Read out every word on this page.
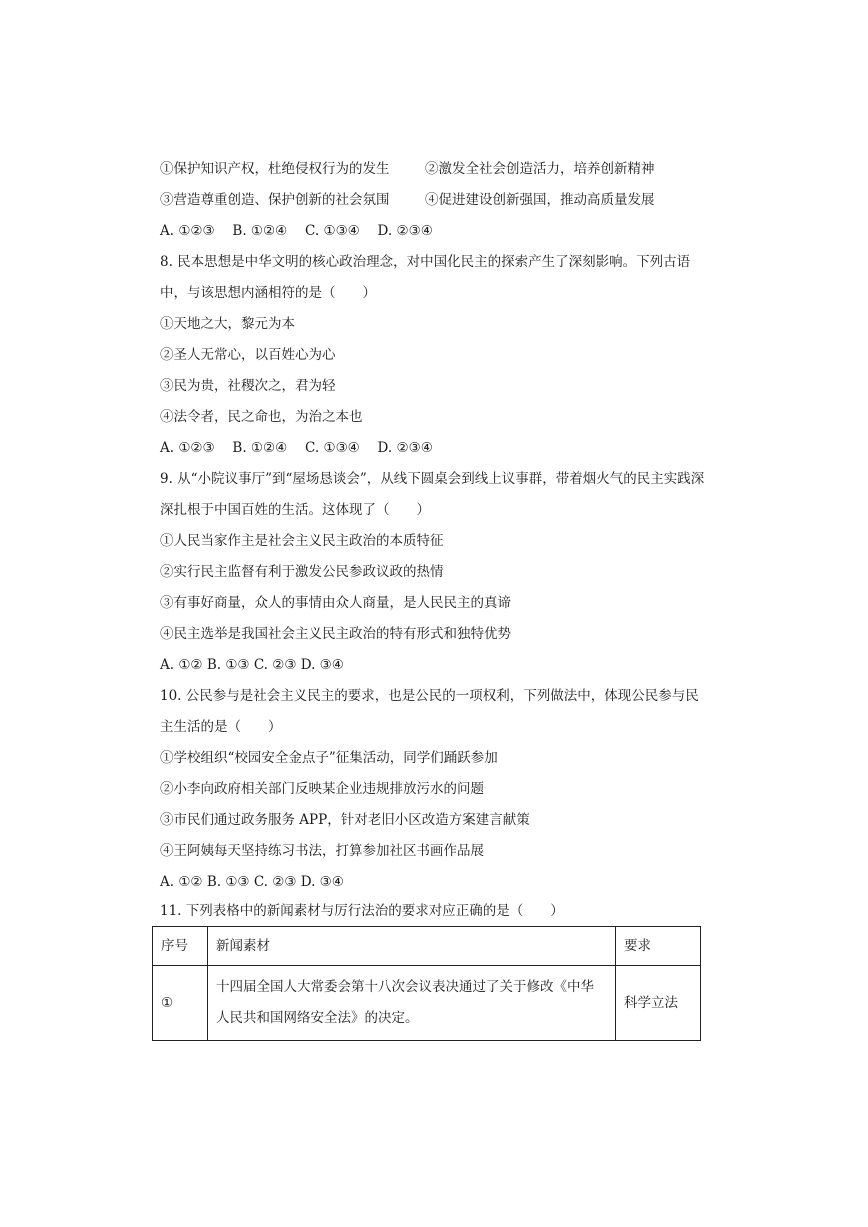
①保护知识产权，杜绝侵权行为的发生	②激发全社会创造活力，培养创新精神
③营造尊重创造、保护创新的社会氛围	④促进建设创新强国，推动高质量发展
A. ①②③　 B. ①②④　 C. ①③④　 D. ②③④
8. 民本思想是中华文明的核心政治理念，对中国化民主的探索产生了深刻影响。下列古语
中，与该思想内涵相符的是（　　）
①天地之大，黎元为本
②圣人无常心，以百姓心为心
③民为贵，社稷次之，君为轻
④法令者，民之命也，为治之本也
A. ①②③　 B. ①②④　 C. ①③④　 D. ②③④
9. 从“小院议事厅”到“屋场恳谈会”，从线下圆桌会到线上议事群，带着烟火气的民主实践深
深扎根于中国百姓的生活。这体现了（　　）
①人民当家作主是社会主义民主政治的本质特征
②实行民主监督有利于激发公民参政议政的热情
③有事好商量，众人的事情由众人商量，是人民民主的真谛
④民主选举是我国社会主义民主政治的特有形式和独特优势
A. ①② B. ①③ C. ②③ D. ③④
10. 公民参与是社会主义民主的要求，也是公民的一项权利，下列做法中，体现公民参与民
主生活的是（　　）
①学校组织“校园安全金点子”征集活动，同学们踊跃参加
②小李向政府相关部门反映某企业违规排放污水的问题
③市民们通过政务服务 APP，针对老旧小区改造方案建言献策
④王阿姨每天坚持练习书法，打算参加社区书画作品展
A. ①② B. ①③ C. ②③ D. ③④
11. 下列表格中的新闻素材与厉行法治的要求对应正确的是（　　）
序号	新闻素材	要求
①	十四届全国人大常委会第十八次会议表决通过了关于修改《中华
人民共和国网络安全法》的决定。	科学立法
